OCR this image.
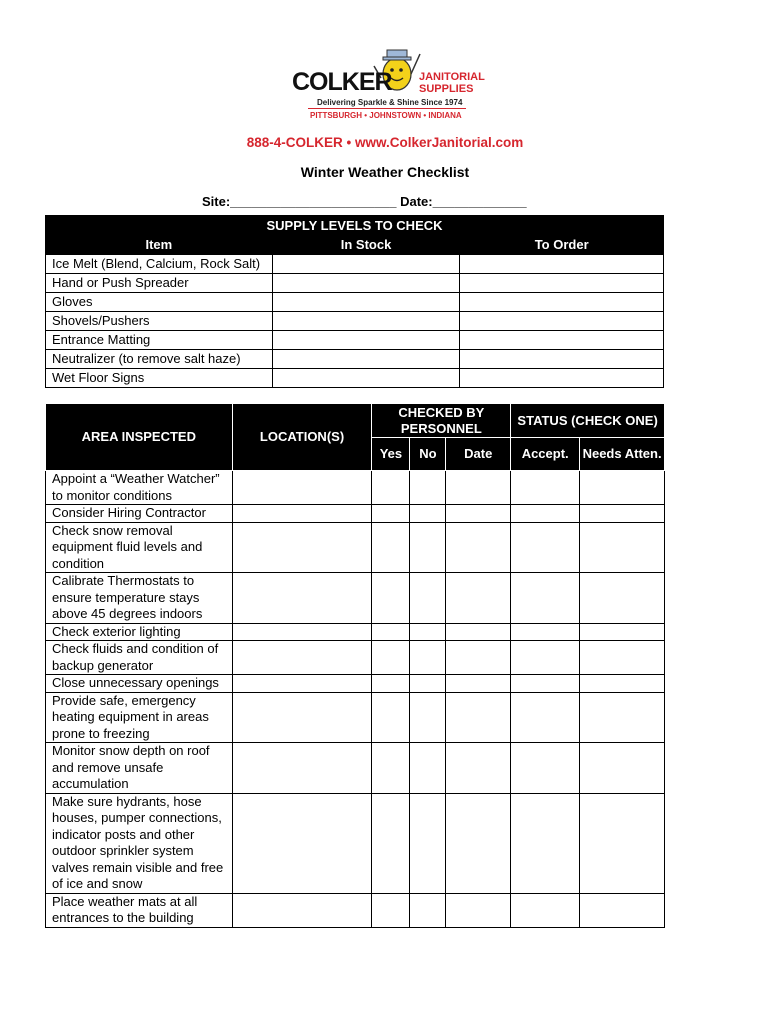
COLKER JANITORIAL
SUPPLIES
Delivering Sparkle & Shine Since 1974
PITTSBURGH • JOHNSTOWN • INDIANA
888-4-COLKER • www.ColkerJanitorial.com
Winter Weather Checklist
Site:_______________________ Date:_____________
SUPPLY LEVELS TO CHECK		
Item	In Stock	To Order
Ice Melt (Blend, Calcium, Rock Salt)		
Hand or Push Spreader		
Gloves		
Shovels/Pushers		
Entrance Matting		
Neutralizer (to remove salt haze)		
Wet Floor Signs		
AREA INSPECTED	LOCATION(S)	CHECKED BY PERSONNEL			STATUS (CHECK ONE)	
		Yes	No	Date	Accept.	Needs Atten.
Appoint a “Weather Watcher” to monitor conditions						
Consider Hiring Contractor						
Check snow removal equipment fluid levels and condition						
Calibrate Thermostats to ensure temperature stays above 45 degrees indoors						
Check exterior lighting						
Check fluids and condition of backup generator						
Close unnecessary openings						
Provide safe, emergency heating equipment in areas prone to freezing						
Monitor snow depth on roof and remove unsafe accumulation						
Make sure hydrants, hose houses, pumper connections, indicator posts and other outdoor sprinkler system valves remain visible and free of ice and snow						
Place weather mats at all entrances to the building						
